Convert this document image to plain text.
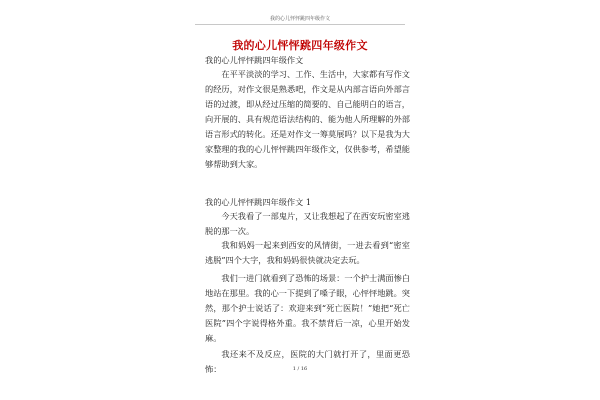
我的心儿怦怦跳四年级作文
我的心儿怦怦跳四年级作文

我的心儿怦怦跳四年级作文

在平平淡淡的学习、工作、生活中，大家都有写作文的经历，对作文很是熟悉吧，作文是从内部言语向外部言语的过渡，即从经过压缩的简要的、自己能明白的语言，向开展的、具有规范语法结构的、能为他人所理解的外部语言形式的转化。还是对作文一筹莫展吗？以下是我为大家整理的我的心儿怦怦跳四年级作文，仅供参考，希望能够帮助到大家。

我的心儿怦怦跳四年级作文 1

今天我看了一部鬼片，又让我想起了在西安玩密室逃脱的那一次。

我和妈妈一起来到西安的风情街，一进去看到“密室逃脱”四个大字，我和妈妈很快就决定去玩。

我们一进门就看到了恐怖的场景：一个护士满面惨白地站在那里。我的心一下提到了嗓子眼，心怦怦地跳。突然，那个护士说话了：欢迎来到“死亡医院！”她把“死亡医院”四个字说得格外重。我不禁背后一凉，心里开始发麻。

我还来不及反应，医院的大门就打开了，里面更恐怖：	1 / 16
